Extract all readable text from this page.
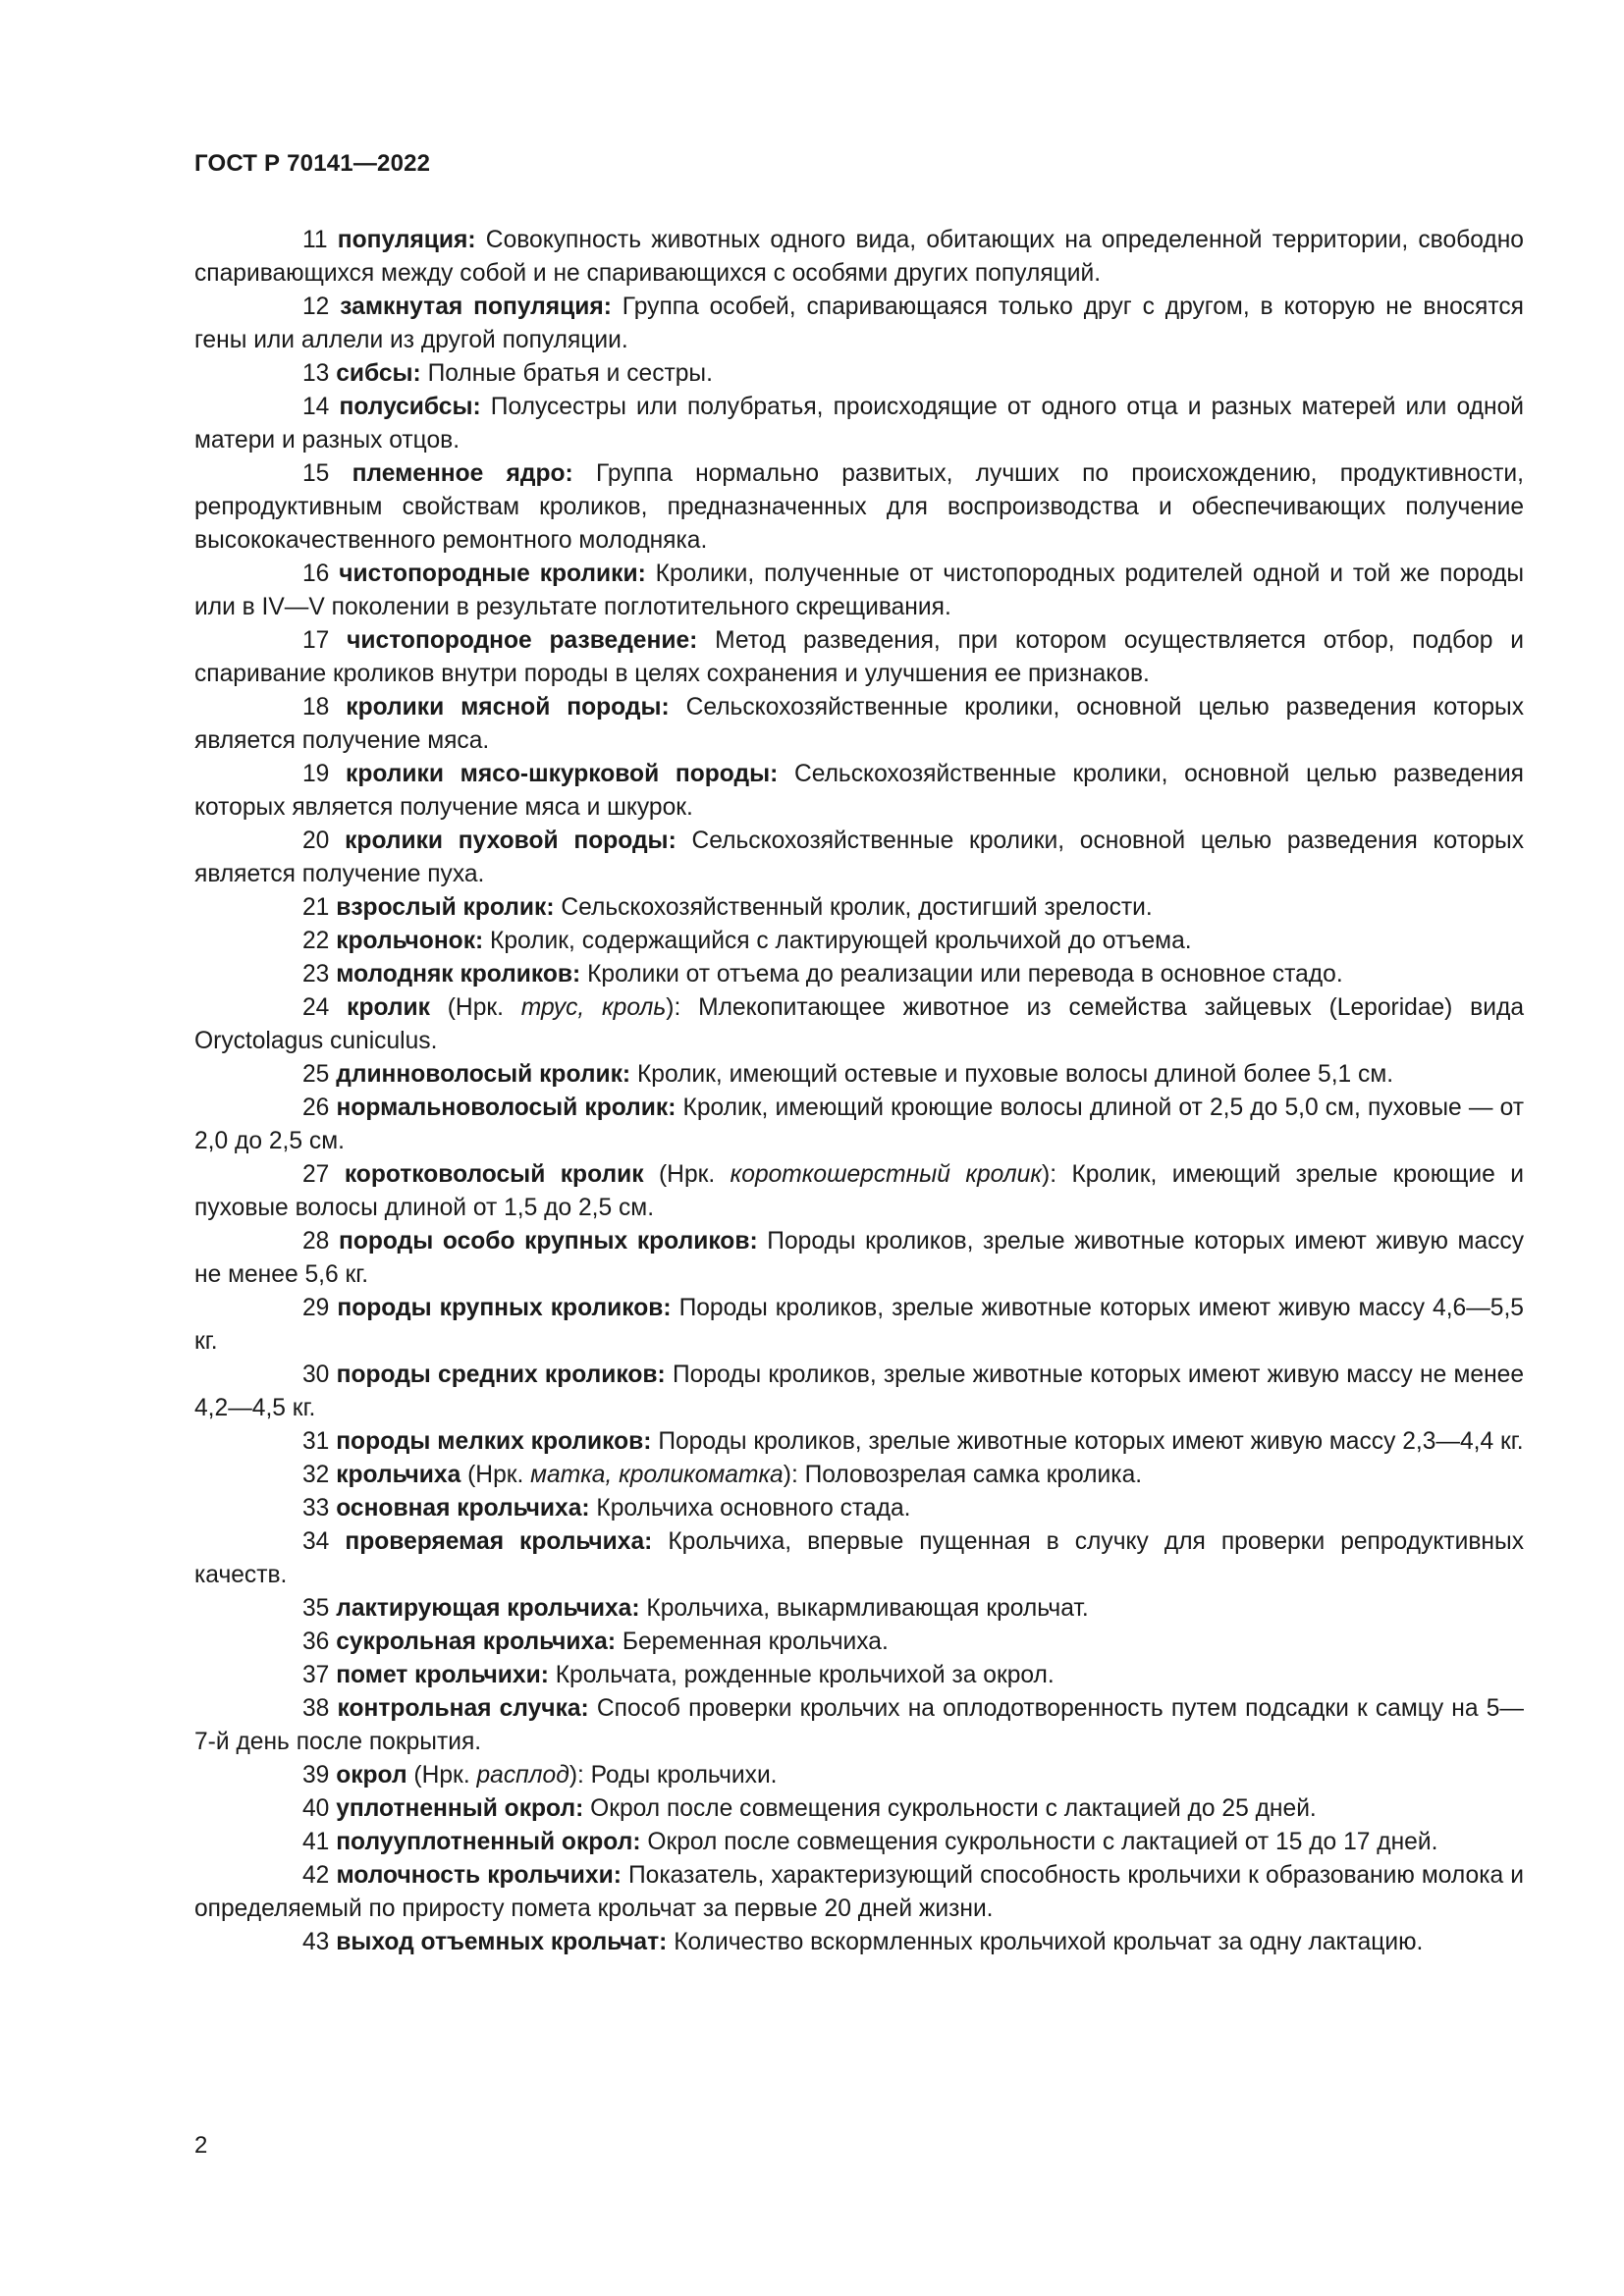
ГОСТ Р 70141—2022

11 популяция: Совокупность животных одного вида, обитающих на определенной территории, свободно спаривающихся между собой и не спаривающихся с особями других популяций.

12 замкнутая популяция: Группа особей, спаривающаяся только друг с другом, в которую не вносятся гены или аллели из другой популяции.

13 сибсы: Полные братья и сестры.

14 полусибсы: Полусестры или полубратья, происходящие от одного отца и разных матерей или одной матери и разных отцов.

15 племенное ядро: Группа нормально развитых, лучших по происхождению, продуктивности, репродуктивным свойствам кроликов, предназначенных для воспроизводства и обеспечивающих получение высококачественного ремонтного молодняка.

16 чистопородные кролики: Кролики, полученные от чистопородных родителей одной и той же породы или в IV—V поколении в результате поглотительного скрещивания.

17 чистопородное разведение: Метод разведения, при котором осуществляется отбор, подбор и спаривание кроликов внутри породы в целях сохранения и улучшения ее признаков.

18 кролики мясной породы: Сельскохозяйственные кролики, основной целью разведения которых является получение мяса.

19 кролики мясо-шкурковой породы: Сельскохозяйственные кролики, основной целью разведения которых является получение мяса и шкурок.

20 кролики пуховой породы: Сельскохозяйственные кролики, основной целью разведения которых является получение пуха.

21 взрослый кролик: Сельскохозяйственный кролик, достигший зрелости.

22 крольчонок: Кролик, содержащийся с лактирующей крольчихой до отъема.

23 молодняк кроликов: Кролики от отъема до реализации или перевода в основное стадо.

24 кролик (Нрк. трус, кроль): Млекопитающее животное из семейства зайцевых (Leporidae) вида Oryctolagus cuniculus.

25 длинноволосый кролик: Кролик, имеющий остевые и пуховые волосы длиной более 5,1 см.

26 нормальноволосый кролик: Кролик, имеющий кроющие волосы длиной от 2,5 до 5,0 см, пуховые — от 2,0 до 2,5 см.

27 коротковолосый кролик (Нрк. короткошерстный кролик): Кролик, имеющий зрелые кроющие и пуховые волосы длиной от 1,5 до 2,5 см.

28 породы особо крупных кроликов: Породы кроликов, зрелые животные которых имеют живую массу не менее 5,6 кг.

29 породы крупных кроликов: Породы кроликов, зрелые животные которых имеют живую массу 4,6—5,5 кг.

30 породы средних кроликов: Породы кроликов, зрелые животные которых имеют живую массу не менее 4,2—4,5 кг.

31 породы мелких кроликов: Породы кроликов, зрелые животные которых имеют живую массу 2,3—4,4 кг.

32 крольчиха (Нрк. матка, кроликоматка): Половозрелая самка кролика.

33 основная крольчиха: Крольчиха основного стада.

34 проверяемая крольчиха: Крольчиха, впервые пущенная в случку для проверки репродуктивных качеств.

35 лактирующая крольчиха: Крольчиха, выкармливающая крольчат.

36 сукрольная крольчиха: Беременная крольчиха.

37 помет крольчихи: Крольчата, рожденные крольчихой за окрол.

38 контрольная случка: Способ проверки крольчих на оплодотворенность путем подсадки к самцу на 5—7-й день после покрытия.

39 окрол (Нрк. расплод): Роды крольчихи.

40 уплотненный окрол: Окрол после совмещения сукрольности с лактацией до 25 дней.

41 полууплотненный окрол: Окрол после совмещения сукрольности с лактацией от 15 до 17 дней.

42 молочность крольчихи: Показатель, характеризующий способность крольчихи к образованию молока и определяемый по приросту помета крольчат за первые 20 дней жизни.

43 выход отъемных крольчат: Количество вскормленных крольчихой крольчат за одну лактацию.

2
